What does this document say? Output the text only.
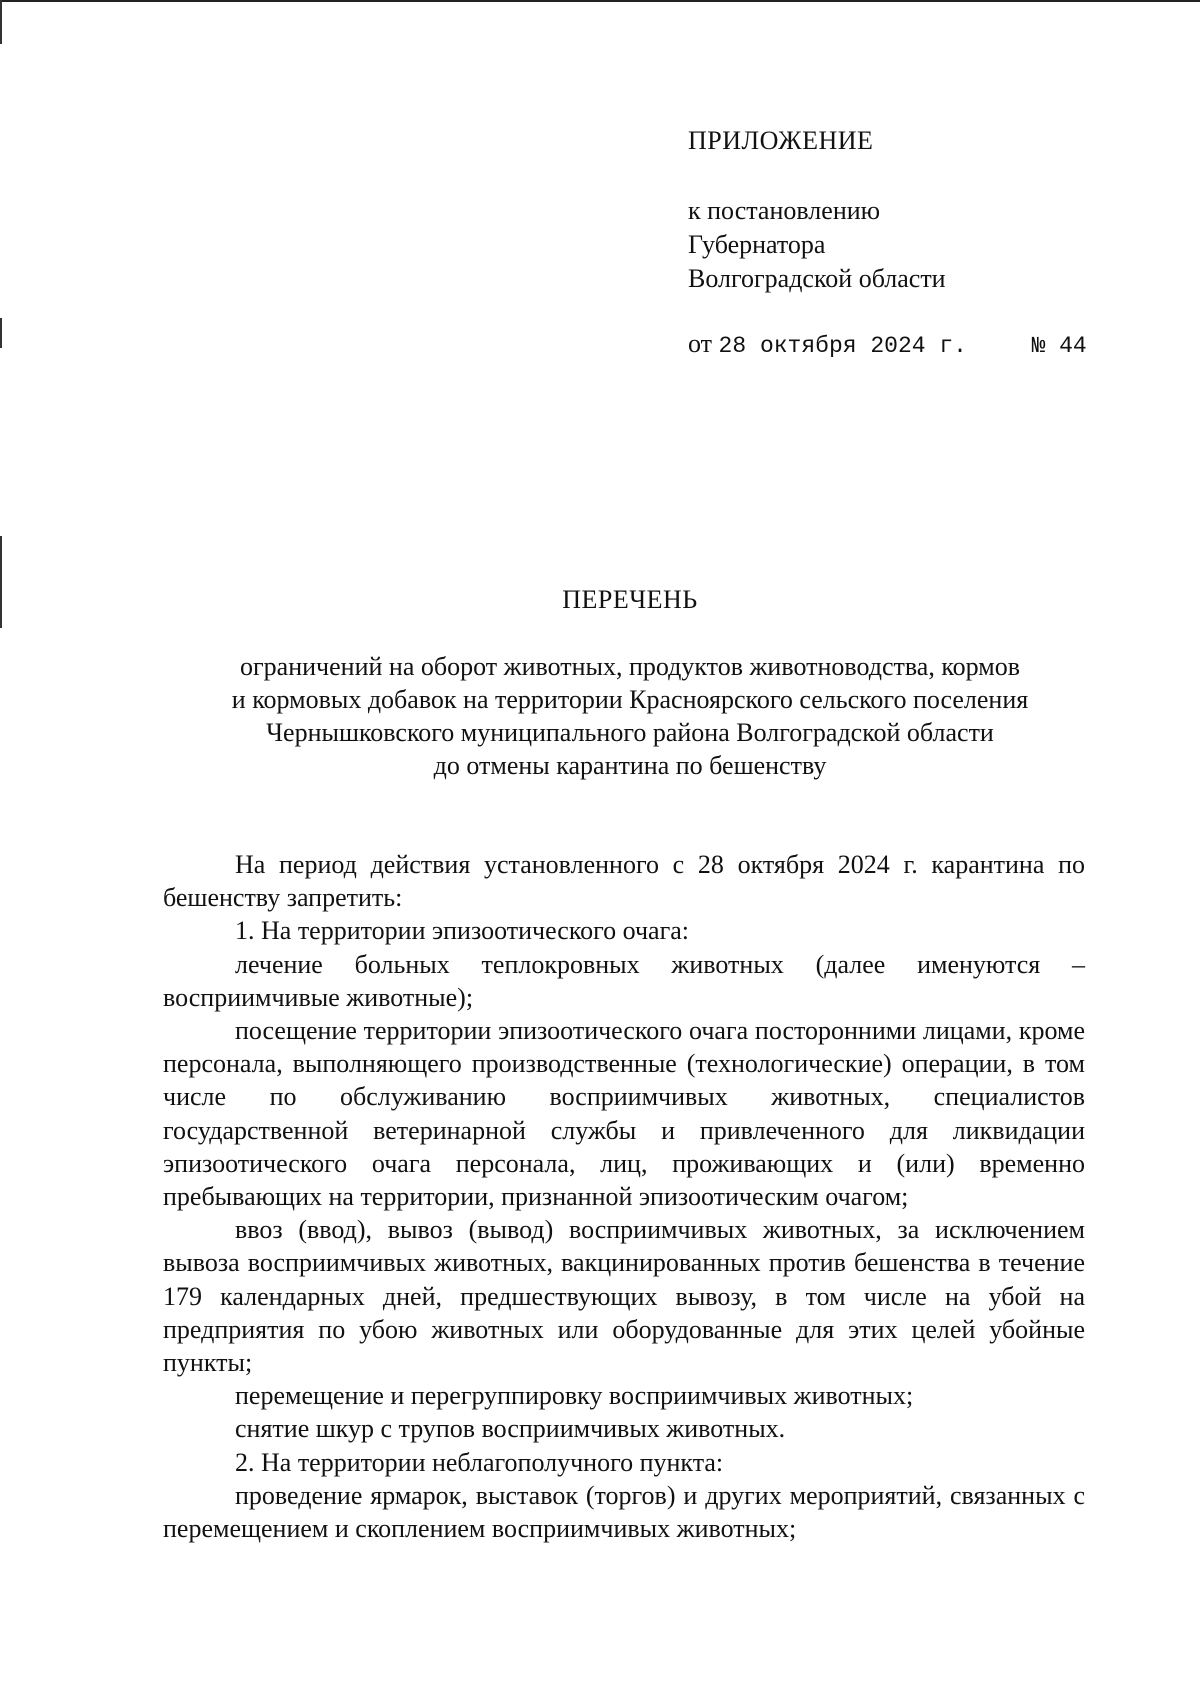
ПРИЛОЖЕНИЕ
к постановлению
Губернатора
Волгоградской области
от 28 октября 2024 г.	№ 44
ПЕРЕЧЕНЬ
ограничений на оборот животных, продуктов животноводства, кормов
и кормовых добавок на территории Красноярского сельского поселения
Чернышковского муниципального района Волгоградской области
до отмены карантина по бешенству

На период действия установленного с 28 октября 2024 г. карантина по бешенству запретить:

1. На территории эпизоотического очага:

лечение больных теплокровных животных (далее именуются – восприимчивые животные);

посещение территории эпизоотического очага посторонними лицами, кроме персонала, выполняющего производственные (технологические) операции, в том числе по обслуживанию восприимчивых животных, специалистов государственной ветеринарной службы и привлеченного для ликвидации эпизоотического очага персонала, лиц, проживающих и (или) временно пребывающих на территории, признанной эпизоотическим очагом;

ввоз (ввод), вывоз (вывод) восприимчивых животных, за исключением вывоза восприимчивых животных, вакцинированных против бешенства в течение 179 календарных дней, предшествующих вывозу, в том числе на убой на предприятия по убою животных или оборудованные для этих целей убойные пункты;

перемещение и перегруппировку восприимчивых животных;

снятие шкур с трупов восприимчивых животных.

2. На территории неблагополучного пункта:

проведение ярмарок, выставок (торгов) и других мероприятий, связанных с перемещением и скоплением восприимчивых животных;
